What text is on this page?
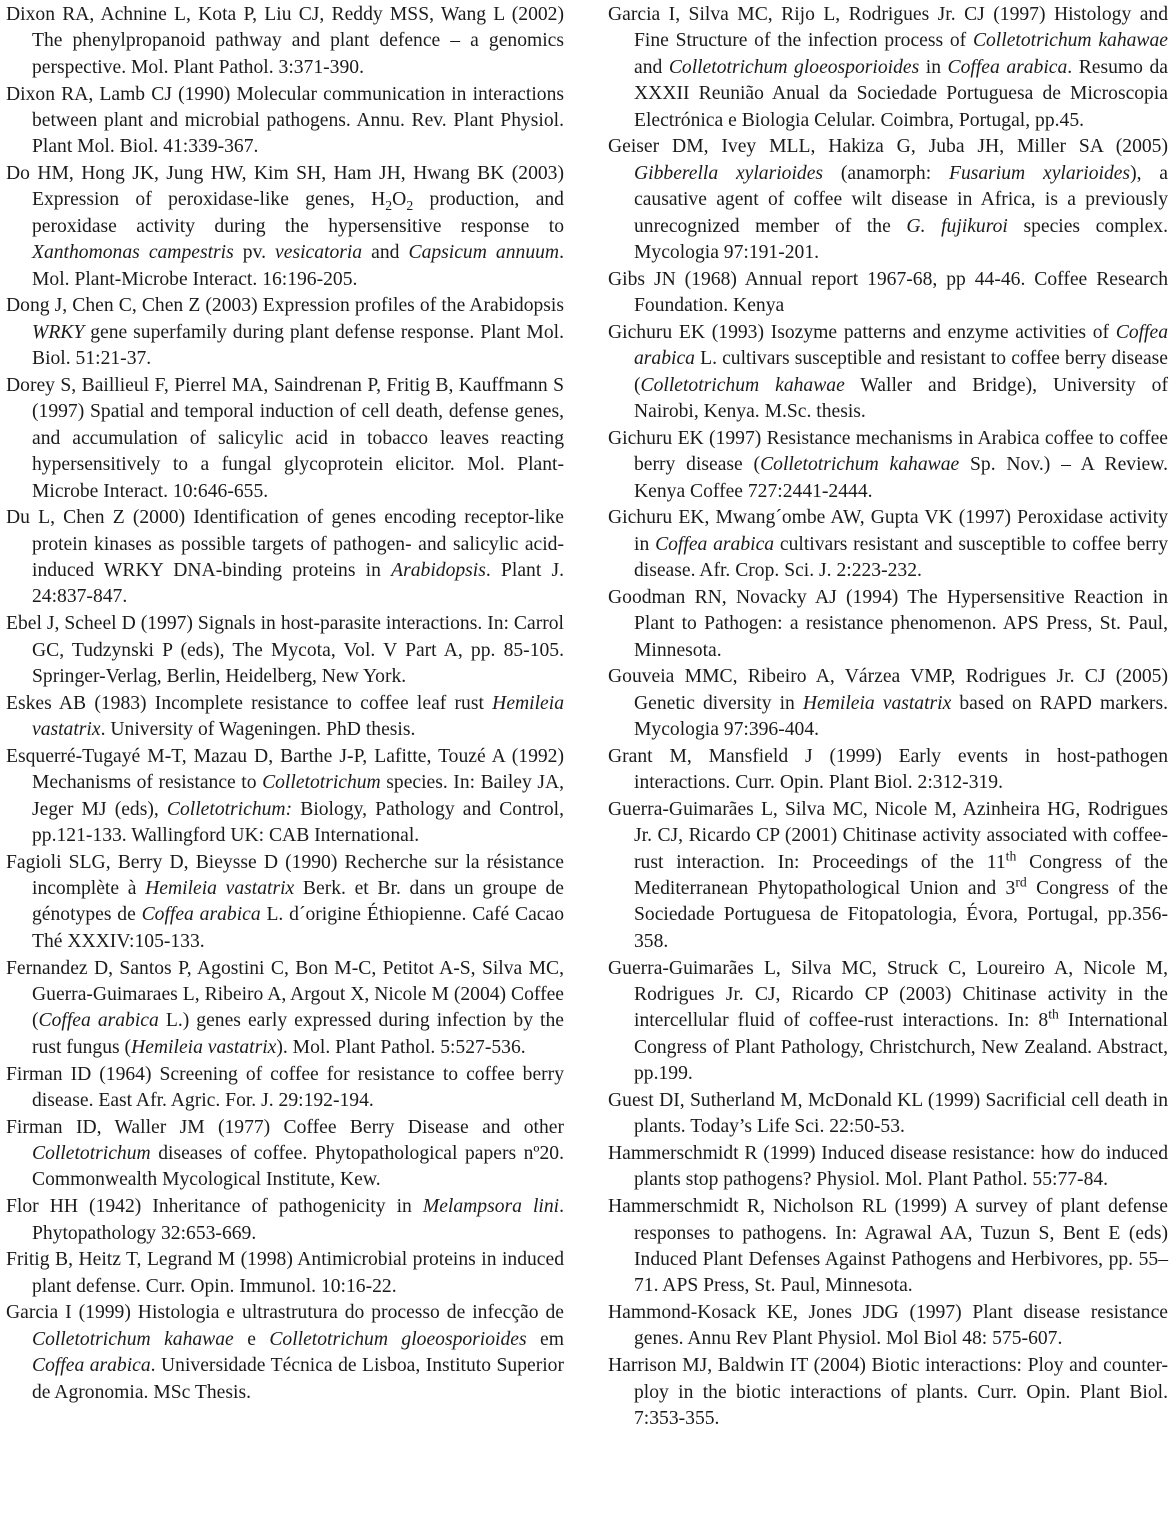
Dixon RA, Achnine L, Kota P, Liu CJ, Reddy MSS, Wang L (2002) The phenylpropanoid pathway and plant defence – a genomics perspective. Mol. Plant Pathol. 3:371-390.

Dixon RA, Lamb CJ (1990) Molecular communication in interactions between plant and microbial pathogens. Annu. Rev. Plant Physiol. Plant Mol. Biol. 41:339-367.

Do HM, Hong JK, Jung HW, Kim SH, Ham JH, Hwang BK (2003) Expression of peroxidase-like genes, $H_2O_2$ production, and peroxidase activity during the hypersensitive response to Xanthomonas campestris pv. vesicatoria and Capsicum annuum. Mol. Plant-Microbe Interact. 16:196-205.

Dong J, Chen C, Chen Z (2003) Expression profiles of the Arabidopsis WRKY gene superfamily during plant defense response. Plant Mol. Biol. 51:21-37.

Dorey S, Baillieul F, Pierrel MA, Saindrenan P, Fritig B, Kauffmann S (1997) Spatial and temporal induction of cell death, defense genes, and accumulation of salicylic acid in tobacco leaves reacting hypersensitively to a fungal glycoprotein elicitor. Mol. Plant-Microbe Interact. 10:646-655.

Du L, Chen Z (2000) Identification of genes encoding receptor-like protein kinases as possible targets of pathogen- and salicylic acid-induced WRKY DNA-binding proteins in Arabidopsis. Plant J. 24:837-847.

Ebel J, Scheel D (1997) Signals in host-parasite interactions. In: Carrol GC, Tudzynski P (eds), The Mycota, Vol. V Part A, pp. 85-105. Springer-Verlag, Berlin, Heidelberg, New York.

Eskes AB (1983) Incomplete resistance to coffee leaf rust Hemileia vastatrix. University of Wageningen. PhD thesis.

Esquerré-Tugayé M-T, Mazau D, Barthe J-P, Lafitte, Touzé A (1992) Mechanisms of resistance to Colletotrichum species. In: Bailey JA, Jeger MJ (eds), Colletotrichum: Biology, Pathology and Control, pp.121-133. Wallingford UK: CAB International.

Fagioli SLG, Berry D, Bieysse D (1990) Recherche sur la résistance incomplète à Hemileia vastatrix Berk. et Br. dans un groupe de génotypes de Coffea arabica L. d´origine Éthiopienne. Café Cacao Thé XXXIV:105-133.

Fernandez D, Santos P, Agostini C, Bon M-C, Petitot A-S, Silva MC, Guerra-Guimaraes L, Ribeiro A, Argout X, Nicole M (2004) Coffee (Coffea arabica L.) genes early expressed during infection by the rust fungus (Hemileia vastatrix). Mol. Plant Pathol. 5:527-536.

Firman ID (1964) Screening of coffee for resistance to coffee berry disease. East Afr. Agric. For. J. 29:192-194.

Firman ID, Waller JM (1977) Coffee Berry Disease and other Colletotrichum diseases of coffee. Phytopathological papers nº20. Commonwealth Mycological Institute, Kew.

Flor HH (1942) Inheritance of pathogenicity in Melampsora lini. Phytopathology 32:653-669.

Fritig B, Heitz T, Legrand M (1998) Antimicrobial proteins in induced plant defense. Curr. Opin. Immunol. 10:16-22.

Garcia I (1999) Histologia e ultrastrutura do processo de infecção de Colletotrichum kahawae e Colletotrichum gloeosporioides em Coffea arabica. Universidade Técnica de Lisboa, Instituto Superior de Agronomia. MSc Thesis.

Garcia I, Silva MC, Rijo L, Rodrigues Jr. CJ (1997) Histology and Fine Structure of the infection process of Colletotrichum kahawae and Colletotrichum gloeosporioides in Coffea arabica. Resumo da XXXII Reunião Anual da Sociedade Portuguesa de Microscopia Electrónica e Biologia Celular. Coimbra, Portugal, pp.45.

Geiser DM, Ivey MLL, Hakiza G, Juba JH, Miller SA (2005) Gibberella xylarioides (anamorph: Fusarium xylarioides), a causative agent of coffee wilt disease in Africa, is a previously unrecognized member of the G. fujikuroi species complex. Mycologia 97:191-201.

Gibs JN (1968) Annual report 1967-68, pp 44-46. Coffee Research Foundation. Kenya

Gichuru EK (1993) Isozyme patterns and enzyme activities of Coffea arabica L. cultivars susceptible and resistant to coffee berry disease (Colletotrichum kahawae Waller and Bridge), University of Nairobi, Kenya. M.Sc. thesis.

Gichuru EK (1997) Resistance mechanisms in Arabica coffee to coffee berry disease (Colletotrichum kahawae Sp. Nov.) – A Review. Kenya Coffee 727:2441-2444.

Gichuru EK, Mwang´ombe AW, Gupta VK (1997) Peroxidase activity in Coffea arabica cultivars resistant and susceptible to coffee berry disease. Afr. Crop. Sci. J. 2:223-232.

Goodman RN, Novacky AJ (1994) The Hypersensitive Reaction in Plant to Pathogen: a resistance phenomenon. APS Press, St. Paul, Minnesota.

Gouveia MMC, Ribeiro A, Várzea VMP, Rodrigues Jr. CJ (2005) Genetic diversity in Hemileia vastatrix based on RAPD markers. Mycologia 97:396-404.

Grant M, Mansfield J (1999) Early events in host-pathogen interactions. Curr. Opin. Plant Biol. 2:312-319.

Guerra-Guimarães L, Silva MC, Nicole M, Azinheira HG, Rodrigues Jr. CJ, Ricardo CP (2001) Chitinase activity associated with coffee-rust interaction. In: Proceedings of the 11th Congress of the Mediterranean Phytopathological Union and 3rd Congress of the Sociedade Portuguesa de Fitopatologia, Évora, Portugal, pp.356-358.

Guerra-Guimarães L, Silva MC, Struck C, Loureiro A, Nicole M, Rodrigues Jr. CJ, Ricardo CP (2003) Chitinase activity in the intercellular fluid of coffee-rust interactions. In: 8th International Congress of Plant Pathology, Christchurch, New Zealand. Abstract, pp.199.

Guest DI, Sutherland M, McDonald KL (1999) Sacrificial cell death in plants. Today’s Life Sci. 22:50-53.

Hammerschmidt R (1999) Induced disease resistance: how do induced plants stop pathogens? Physiol. Mol. Plant Pathol. 55:77-84.

Hammerschmidt R, Nicholson RL (1999) A survey of plant defense responses to pathogens. In: Agrawal AA, Tuzun S, Bent E (eds) Induced Plant Defenses Against Pathogens and Herbivores, pp. 55–71. APS Press, St. Paul, Minnesota.

Hammond-Kosack KE, Jones JDG (1997) Plant disease resistance genes. Annu Rev Plant Physiol. Mol Biol 48: 575-607.

Harrison MJ, Baldwin IT (2004) Biotic interactions: Ploy and counter-ploy in the biotic interactions of plants. Curr. Opin. Plant Biol. 7:353-355.
